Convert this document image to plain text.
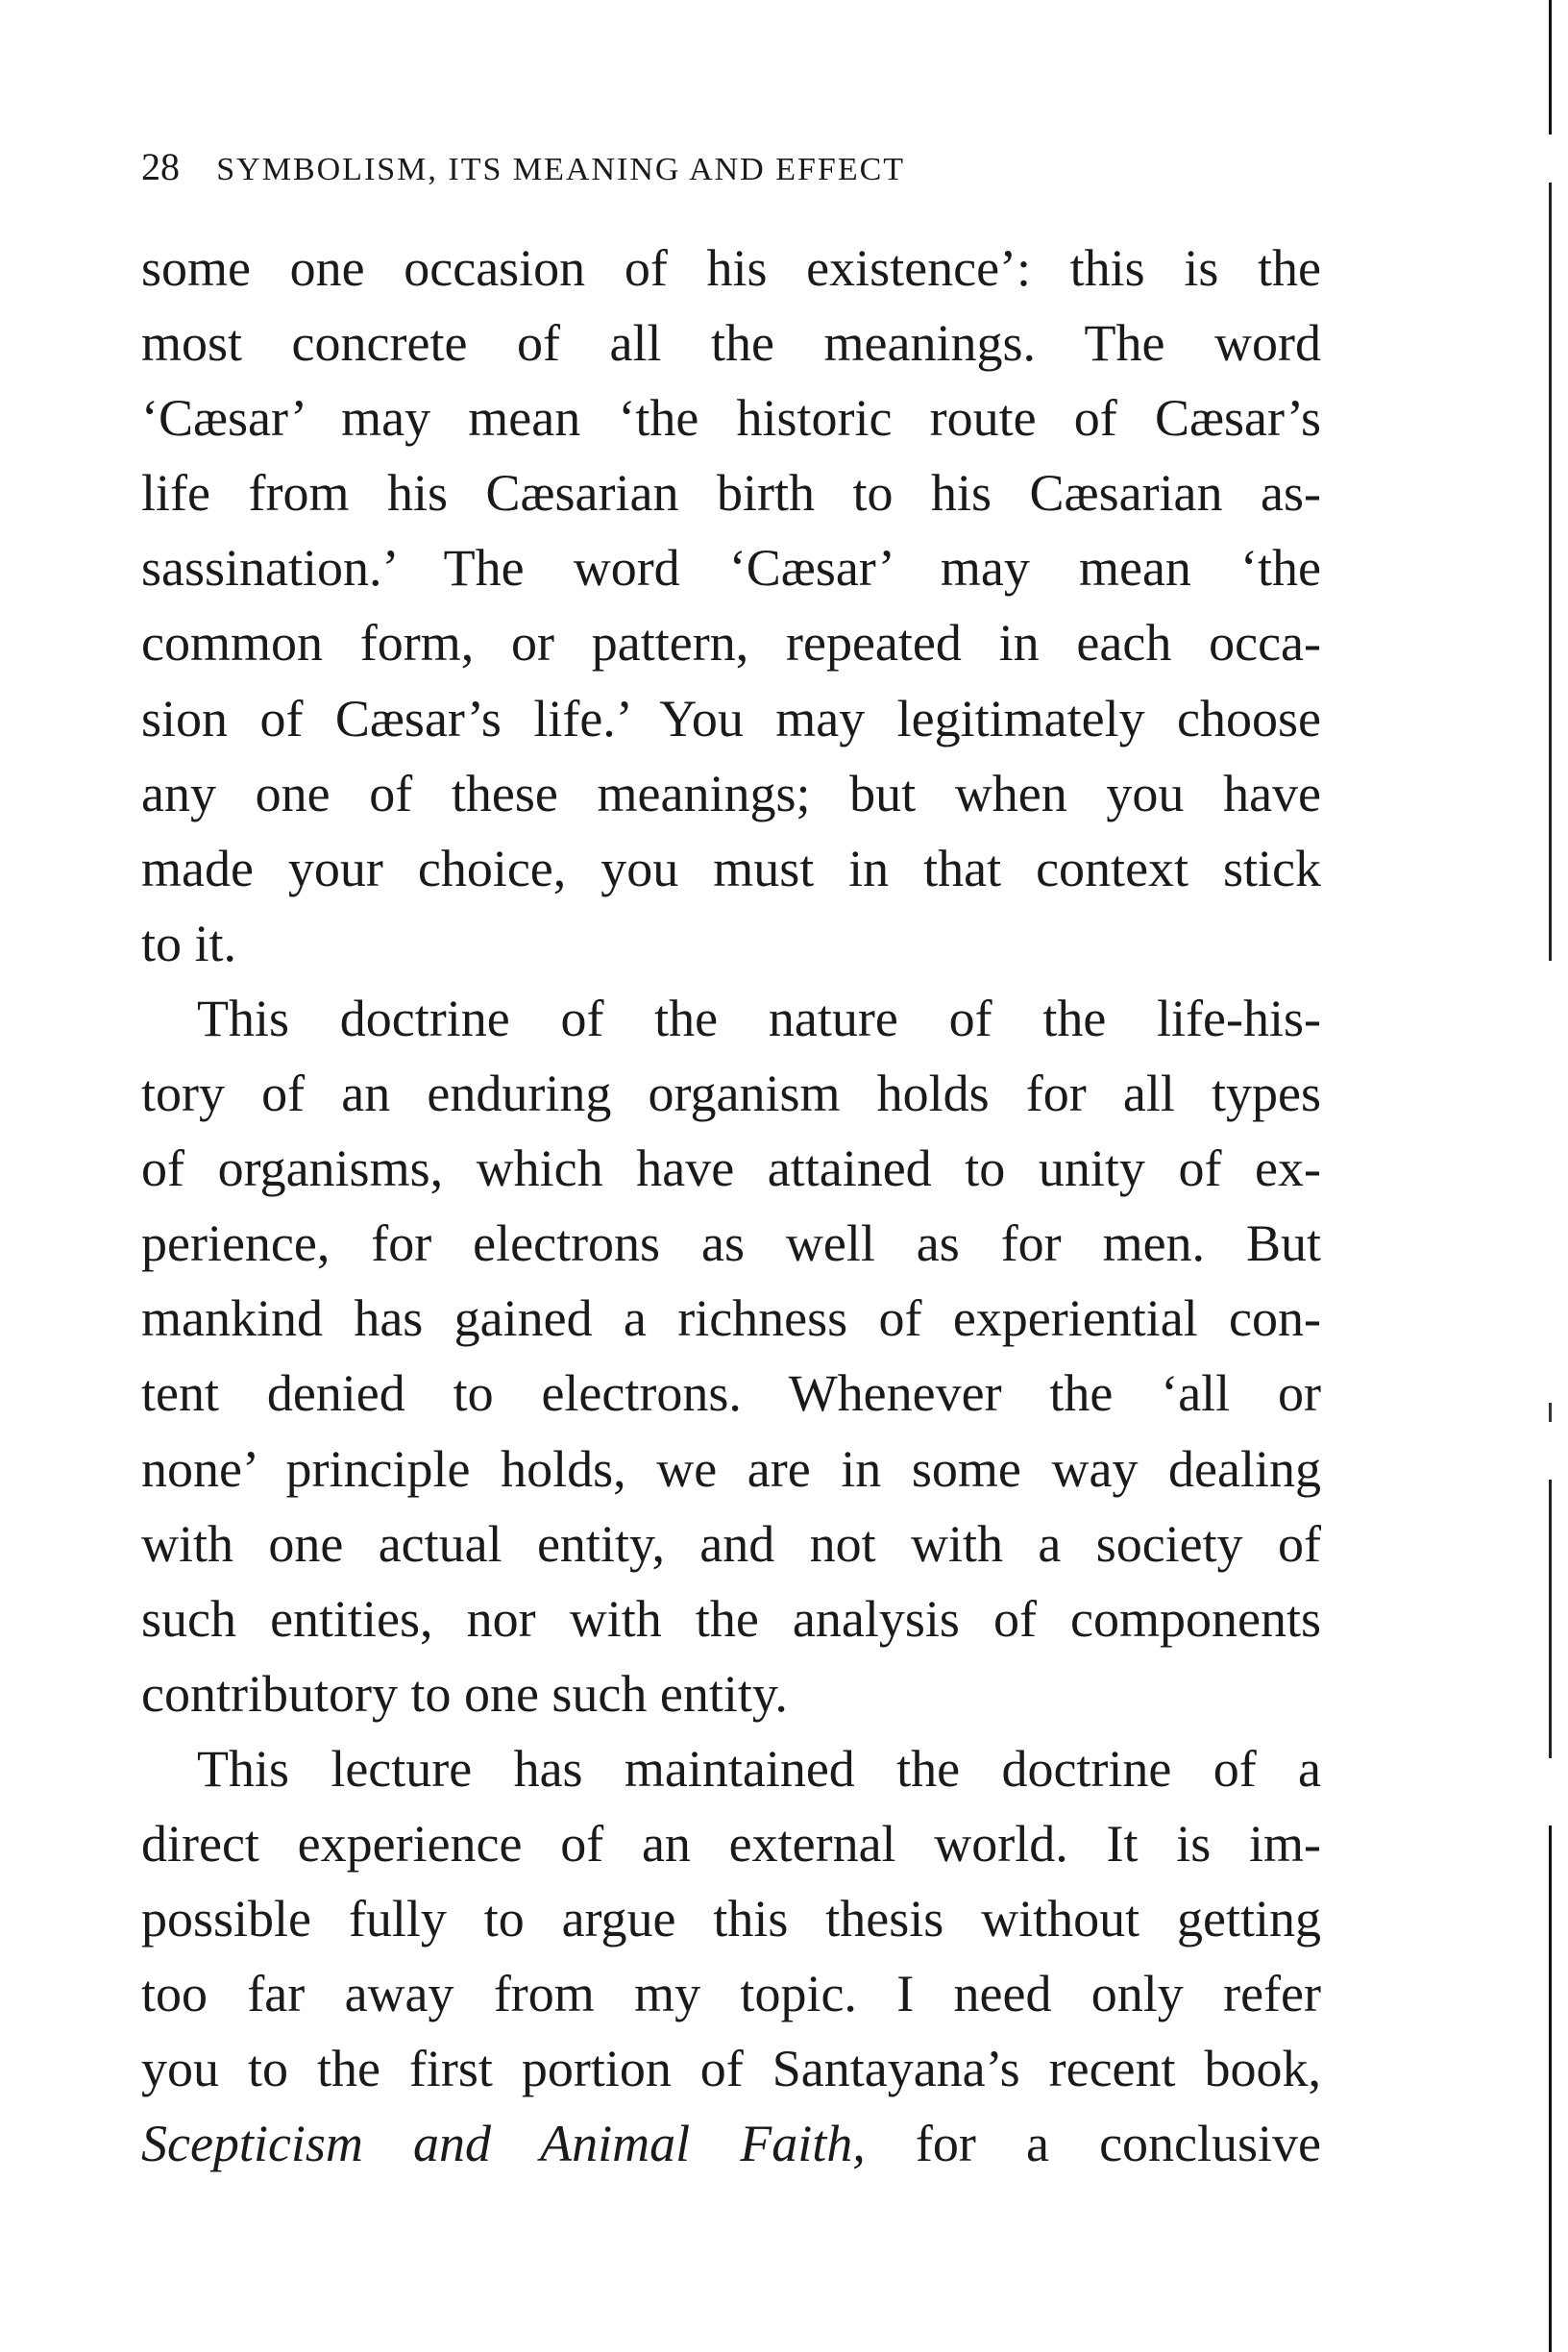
28 SYMBOLISM, ITS MEANING AND EFFECT

some one occasion of his existence’: this is the
most concrete of all the meanings. The word
‘Cæsar’ may mean ‘the historic route of Cæsar’s
life from his Cæsarian birth to his Cæsarian as-
sassination.’ The word ‘Cæsar’ may mean ‘the
common form, or pattern, repeated in each occa-
sion of Cæsar’s life.’ You may legitimately choose
any one of these meanings; but when you have
made your choice, you must in that context stick
to it.

This doctrine of the nature of the life-his-
tory of an enduring organism holds for all types
of organisms, which have attained to unity of ex-
perience, for electrons as well as for men. But
mankind has gained a richness of experiential con-
tent denied to electrons. Whenever the ‘all or
none’ principle holds, we are in some way dealing
with one actual entity, and not with a society of
such entities, nor with the analysis of components
contributory to one such entity.

This lecture has maintained the doctrine of a
direct experience of an external world. It is im-
possible fully to argue this thesis without getting
too far away from my topic. I need only refer
you to the first portion of Santayana’s recent book,
Scepticism and Animal Faith, for a conclusive
